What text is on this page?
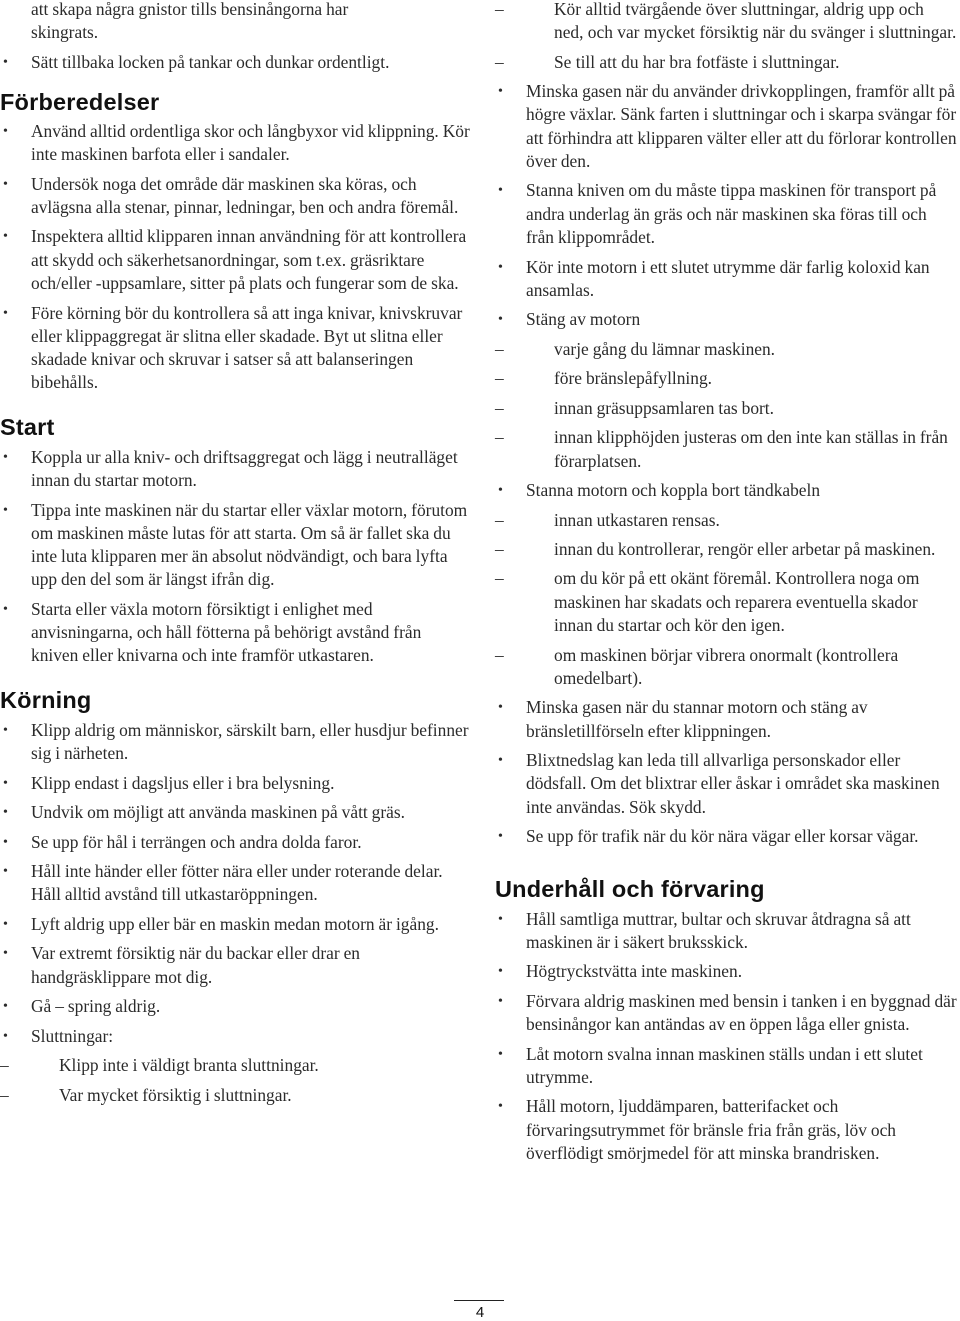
att skapa några gnistor tills bensinångorna har
skingrats.
• Sätt tillbaka locken på tankar och dunkar ordentligt.
Förberedelser
• Använd alltid ordentliga skor och långbyxor vid klippning. Kör inte maskinen barfota eller i sandaler.
• Undersök noga det område där maskinen ska köras, och avlägsna alla stenar, pinnar, ledningar, ben och andra föremål.
• Inspektera alltid klipparen innan användning för att kontrollera att skydd och säkerhetsanordningar, som t.ex. gräsriktare och/eller -uppsamlare, sitter på plats och fungerar som de ska.
• Före körning bör du kontrollera så att inga knivar, knivskruvar eller klippaggregat är slitna eller skadade. Byt ut slitna eller skadade knivar och skruvar i satser så att balanseringen bibehålls.
Start
• Koppla ur alla kniv- och driftsaggregat och lägg i neutralläget innan du startar motorn.
• Tippa inte maskinen när du startar eller växlar motorn, förutom om maskinen måste lutas för att starta. Om så är fallet ska du inte luta klipparen mer än absolut nödvändigt, och bara lyfta upp den del som är längst ifrån dig.
• Starta eller växla motorn försiktigt i enlighet med anvisningarna, och håll fötterna på behörigt avstånd från kniven eller knivarna och inte framför utkastaren.
Körning
• Klipp aldrig om människor, särskilt barn, eller husdjur befinner sig i närheten.
• Klipp endast i dagsljus eller i bra belysning.
• Undvik om möjligt att använda maskinen på vått gräs.
• Se upp för hål i terrängen och andra dolda faror.
• Håll inte händer eller fötter nära eller under roterande delar. Håll alltid avstånd till utkastaröppningen.
• Lyft aldrig upp eller bär en maskin medan motorn är igång.
• Var extremt försiktig när du backar eller drar en handgräsklippare mot dig.
• Gå – spring aldrig.
• Sluttningar:
–	Klipp inte i väldigt branta sluttningar.
–	Var mycket försiktig i sluttningar.
–	Kör alltid tvärgående över sluttningar, aldrig upp och ned, och var mycket försiktig när du svänger i sluttningar.
–	Se till att du har bra fotfäste i sluttningar.
• Minska gasen när du använder drivkopplingen, framför allt på högre växlar. Sänk farten i sluttningar och i skarpa svängar för att förhindra att klipparen välter eller att du förlorar kontrollen över den.
• Stanna kniven om du måste tippa maskinen för transport på andra underlag än gräs och när maskinen ska föras till och från klippområdet.
• Kör inte motorn i ett slutet utrymme där farlig koloxid kan ansamlas.
• Stäng av motorn
–	varje gång du lämnar maskinen.
–	före bränslepåfyllning.
–	innan gräsuppsamlaren tas bort.
–	innan klipphöjden justeras om den inte kan ställas in från förarplatsen.
• Stanna motorn och koppla bort tändkabeln
–	innan utkastaren rensas.
–	innan du kontrollerar, rengör eller arbetar på maskinen.
–	om du kör på ett okänt föremål. Kontrollera noga om maskinen har skadats och reparera eventuella skador innan du startar och kör den igen.
–	om maskinen börjar vibrera onormalt (kontrollera omedelbart).
• Minska gasen när du stannar motorn och stäng av bränsletillförseln efter klippningen.
• Blixtnedslag kan leda till allvarliga personskador eller dödsfall. Om det blixtrar eller åskar i området ska maskinen inte användas. Sök skydd.
• Se upp för trafik när du kör nära vägar eller korsar vägar.
Underhåll och förvaring
• Håll samtliga muttrar, bultar och skruvar åtdragna så att maskinen är i säkert bruksskick.
• Högtryckstvätta inte maskinen.
• Förvara aldrig maskinen med bensin i tanken i en byggnad där bensinångor kan antändas av en öppen låga eller gnista.
• Låt motorn svalna innan maskinen ställs undan i ett slutet utrymme.
• Håll motorn, ljuddämparen, batterifacket och förvaringsutrymmet för bränsle fria från gräs, löv och överflödigt smörjmedel för att minska brandrisken.
4
